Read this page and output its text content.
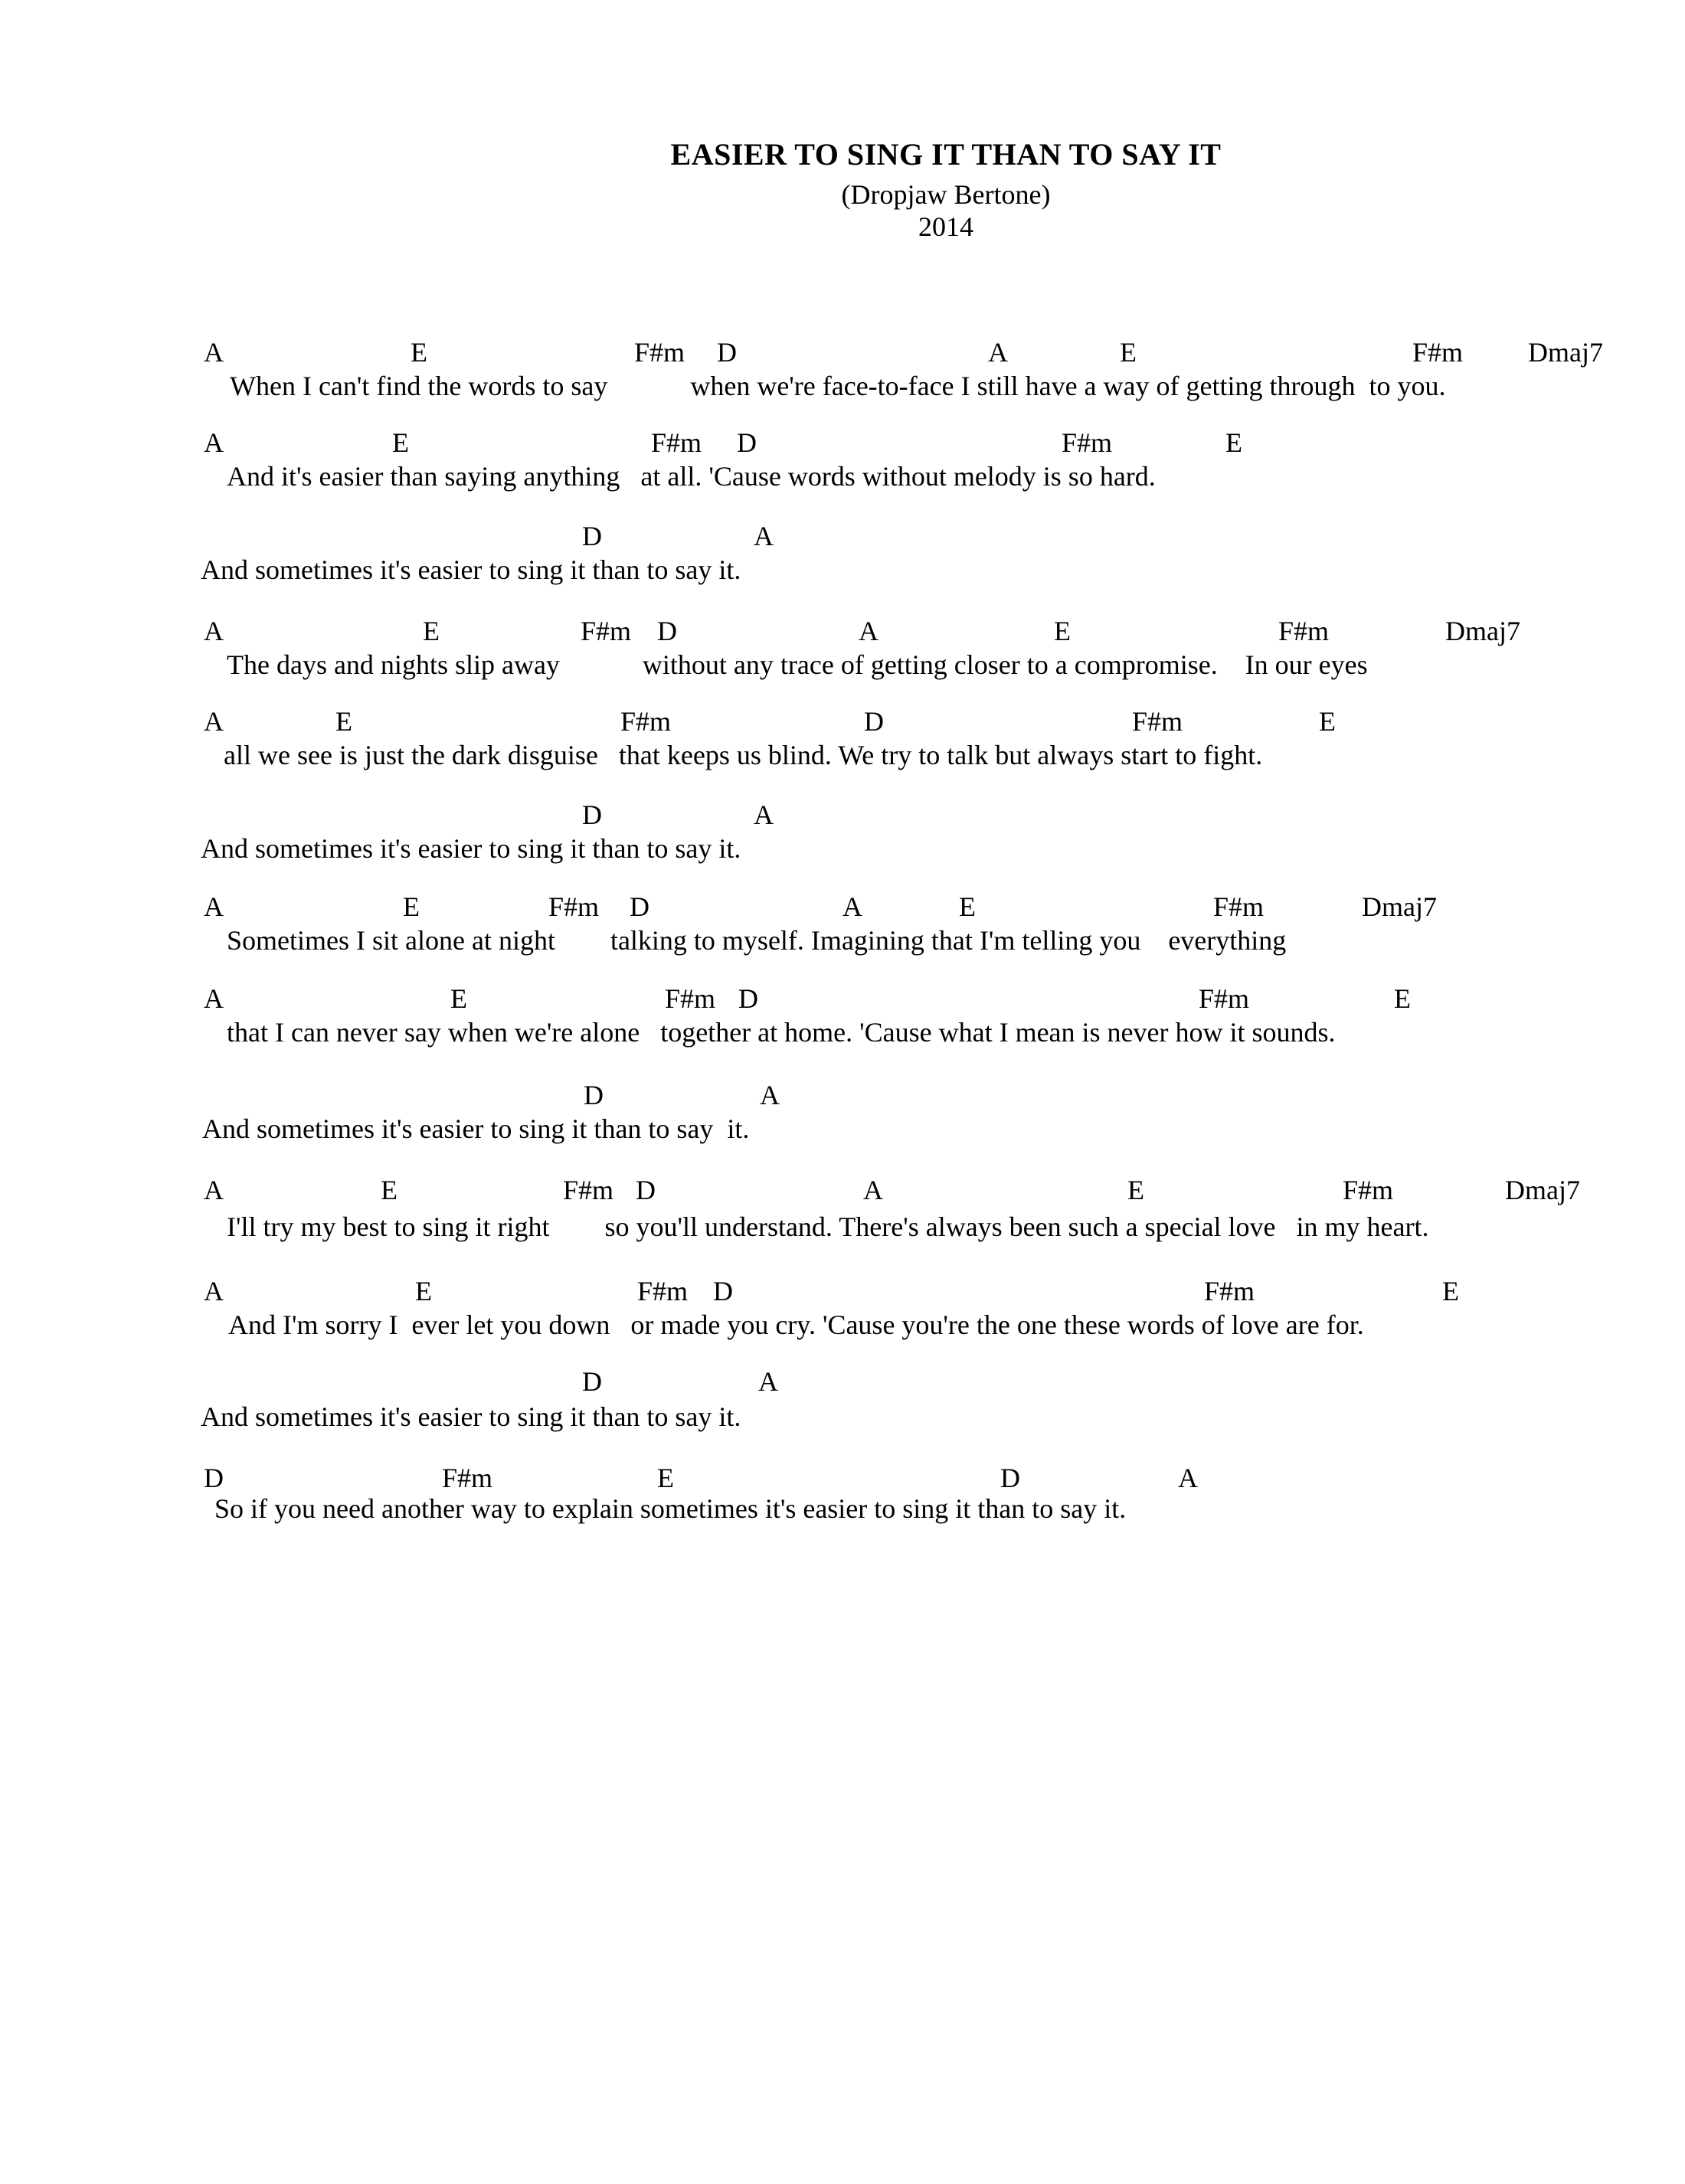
EASIER TO SING IT THAN TO SAY IT
(Dropjaw Bertone)
2014
A	E	F#m D	A	E	F#m Dmaj7
When I can't find the words to say            when we're face-to-face I still have a way of getting through  to you.
A	E	F#m D	F#m	E
And it's easier than saying anything   at all. 'Cause words without melody is so hard.
D	A
And sometimes it's easier to sing it than to say it.
A	E	F#m D	A	E	F#m	Dmaj7
The days and nights slip away            without any trace of getting closer to a compromise.    In our eyes
A	E	F#m	D	F#m	E
all we see is just the dark disguise   that keeps us blind. We try to talk but always start to fight.
D	A
And sometimes it's easier to sing it than to say it.
A	E	F#m D	A	E	F#m	Dmaj7
Sometimes I sit alone at night        talking to myself. Imagining that I'm telling you    everything
A	E	F#m D	F#m	E
that I can never say when we're alone   together at home. 'Cause what I mean is never how it sounds.
D	A
And sometimes it's easier to sing it than to say  it.
A	E	F#m D	A	E	F#m	Dmaj7
I'll try my best to sing it right        so you'll understand. There's always been such a special love   in my heart.
A	E	F#m D	F#m	E
And I'm sorry I  ever let you down   or made you cry. 'Cause you're the one these words of love are for.
D	A
And sometimes it's easier to sing it than to say it.
D	F#m	E	D	A
So if you need another way to explain sometimes it's easier to sing it than to say it.
